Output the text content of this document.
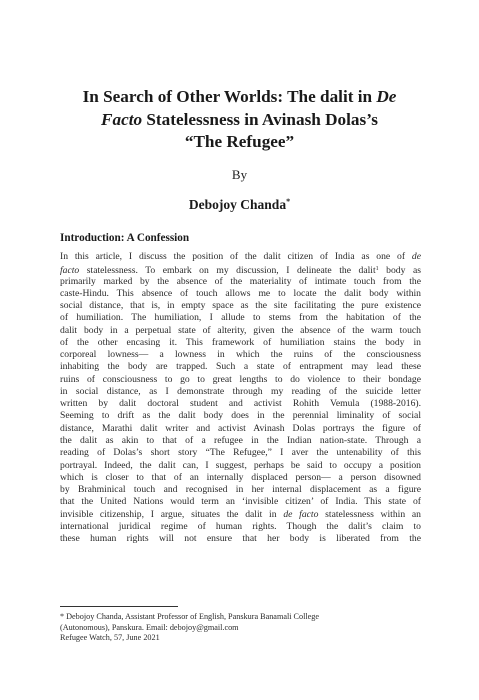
In Search of Other Worlds: The dalit in De
Facto Statelessness in Avinash Dolas’s
“The Refugee”
By
Debojoy Chanda*
Introduction: A Confession
In this article, I discuss the position of the dalit citizen of India as one of de
facto statelessness. To embark on my discussion, I delineate the dalit$^1$ body as
primarily marked by the absence of the materiality of intimate touch from the
caste-Hindu. This absence of touch allows me to locate the dalit body within
social distance, that is, in empty space as the site facilitating the pure existence
of humiliation. The humiliation, I allude to stems from the habitation of the
dalit body in a perpetual state of alterity, given the absence of the warm touch
of the other encasing it. This framework of humiliation stains the body in
corporeal lowness— a lowness in which the ruins of the consciousness
inhabiting the body are trapped. Such a state of entrapment may lead these
ruins of consciousness to go to great lengths to do violence to their bondage
in social distance, as I demonstrate through my reading of the suicide letter
written by dalit doctoral student and activist Rohith Vemula (1988-2016).
Seeming to drift as the dalit body does in the perennial liminality of social
distance, Marathi dalit writer and activist Avinash Dolas portrays the figure of
the dalit as akin to that of a refugee in the Indian nation-state. Through a
reading of Dolas’s short story “The Refugee,” I aver the untenability of this
portrayal. Indeed, the dalit can, I suggest, perhaps be said to occupy a position
which is closer to that of an internally displaced person— a person disowned
by Brahminical touch and recognised in her internal displacement as a figure
that the United Nations would term an ‘invisible citizen’ of India. This state of
invisible citizenship, I argue, situates the dalit in de facto statelessness within an
international juridical regime of human rights. Though the dalit’s claim to
these human rights will not ensure that her body is liberated from the
* Debojoy Chanda, Assistant Professor of English, Panskura Banamali College
(Autonomous), Panskura. Email: debojoy@gmail.com
Refugee Watch, 57, June 2021
